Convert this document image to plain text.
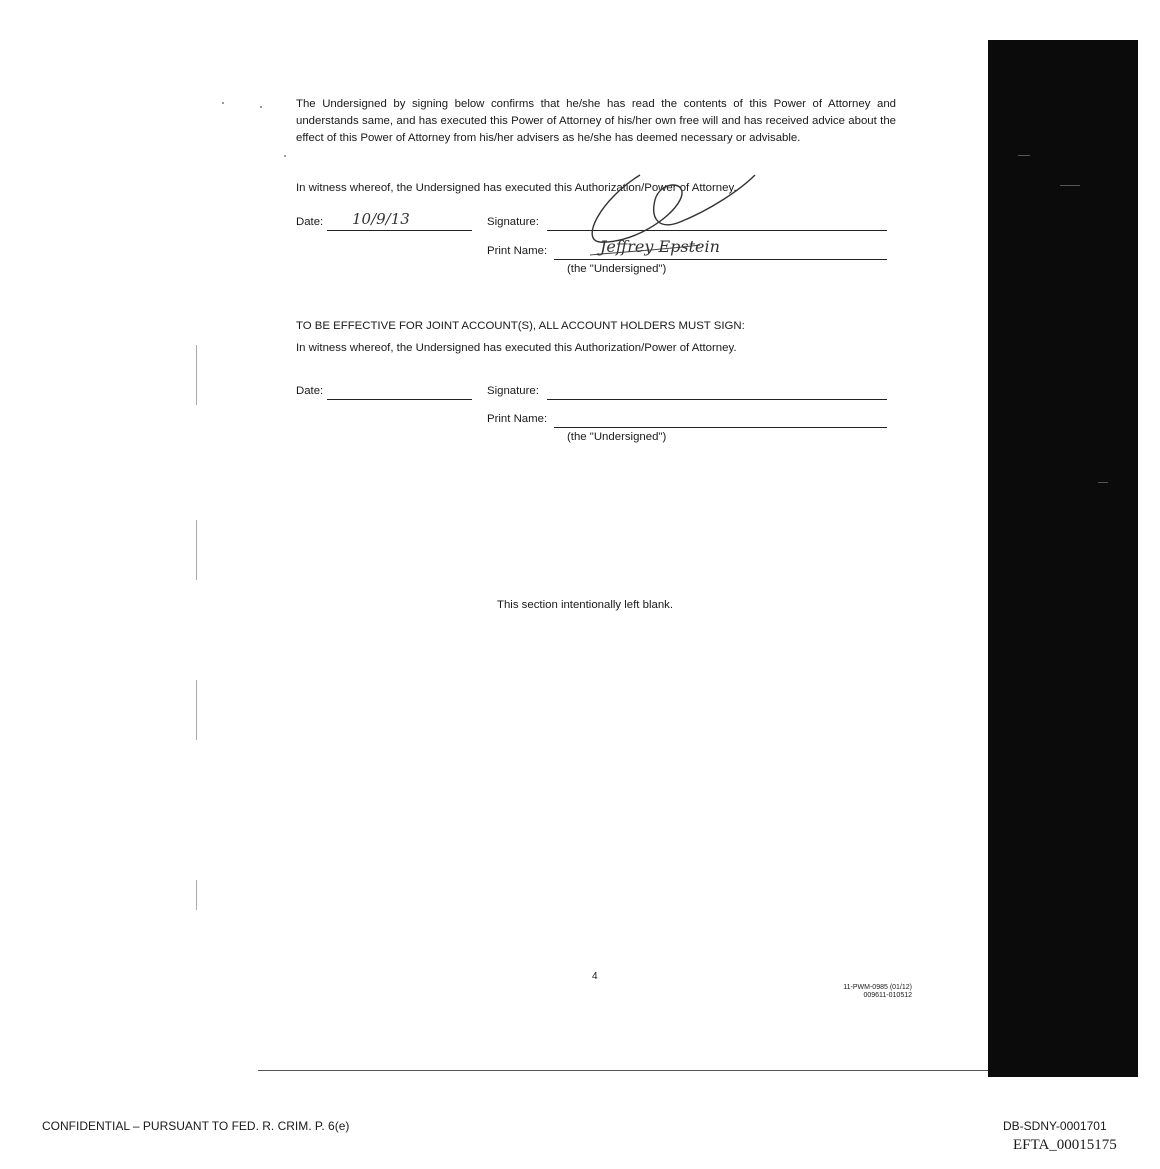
The Undersigned by signing below confirms that he/she has read the contents of this Power of Attorney and understands same, and has executed this Power of Attorney of his/her own free will and has received advice about the effect of this Power of Attorney from his/her advisers as he/she has deemed necessary or advisable.

In witness whereof, the Undersigned has executed this Authorization/Power of Attorney.
Date: 10/9/13	Signature:
Print Name:	Jeffrey Epstein
(the "Undersigned")
TO BE EFFECTIVE FOR JOINT ACCOUNT(S), ALL ACCOUNT HOLDERS MUST SIGN:
In witness whereof, the Undersigned has executed this Authorization/Power of Attorney.
Date:	Signature:
Print Name:
(the "Undersigned")
This section intentionally left blank.
4
11-PWM-0985 (01/12)
009611-010512
CONFIDENTIAL – PURSUANT TO FED. R. CRIM. P. 6(e)	DB-SDNY-0001701
EFTA_00015175
